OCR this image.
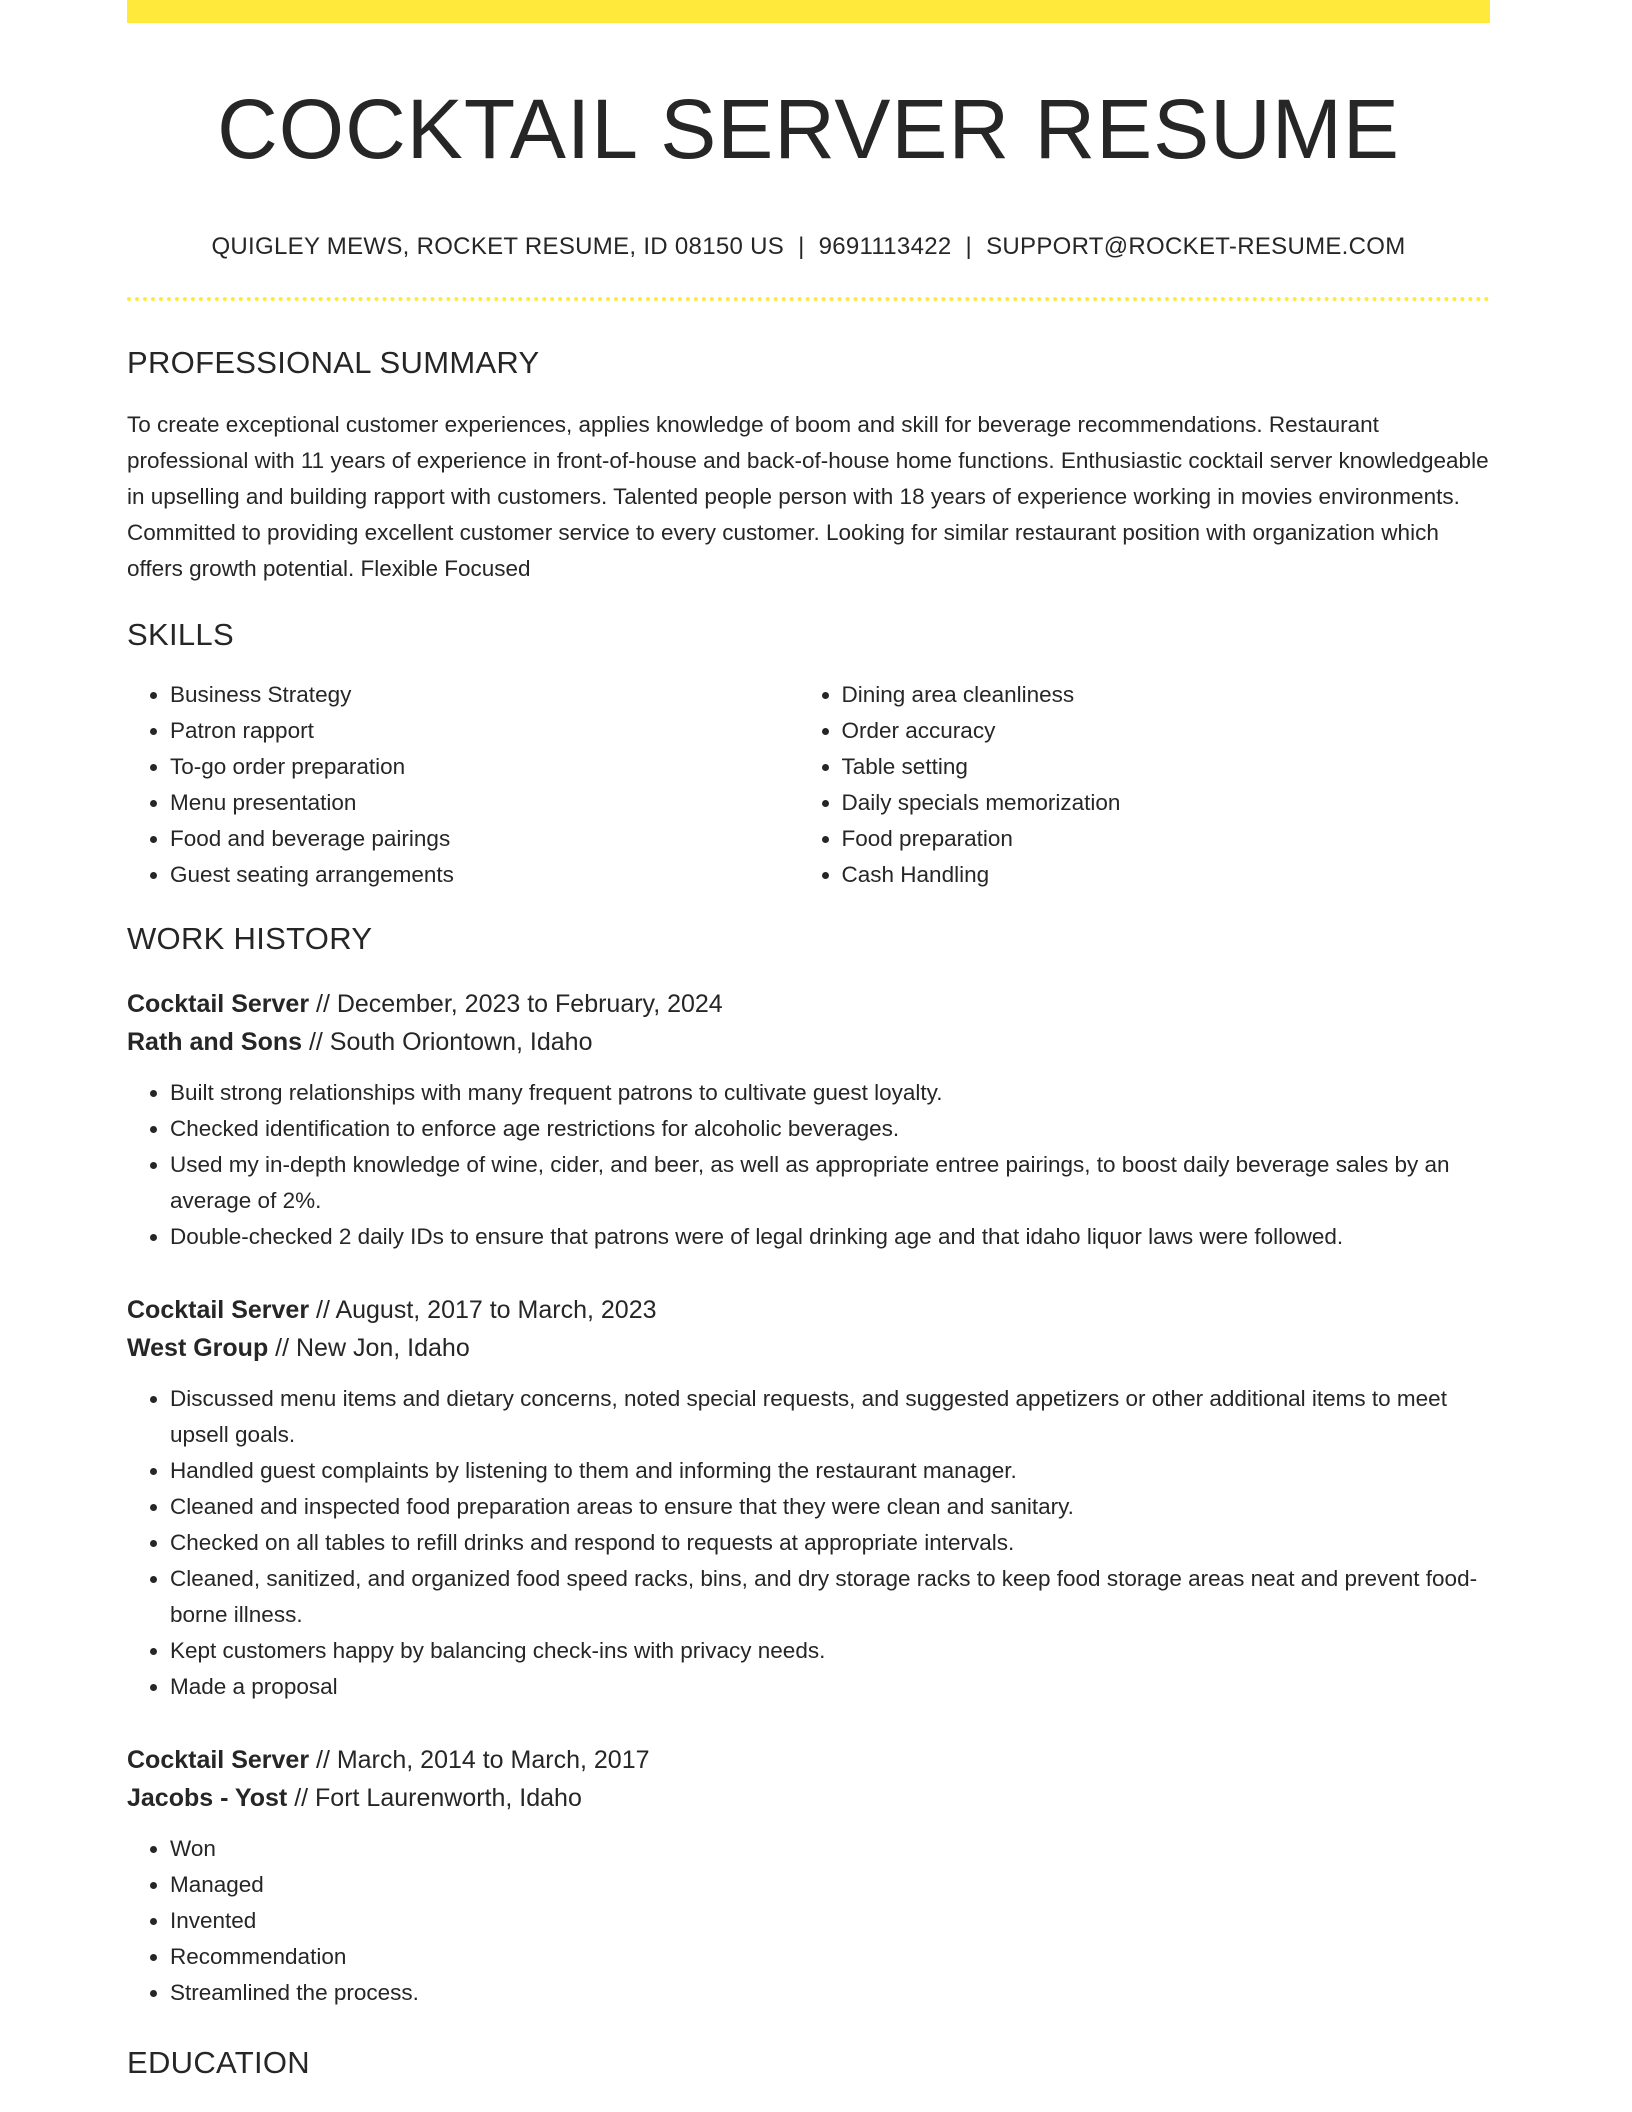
COCKTAIL SERVER RESUME
QUIGLEY MEWS, ROCKET RESUME, ID 08150 US | 9691113422 | SUPPORT@ROCKET-RESUME.COM
PROFESSIONAL SUMMARY

To create exceptional customer experiences, applies knowledge of boom and skill for beverage recommendations. Restaurant professional with 11 years of experience in front-of-house and back-of-house home functions. Enthusiastic cocktail server knowledgeable in upselling and building rapport with customers. Talented people person with 18 years of experience working in movies environments. Committed to providing excellent customer service to every customer. Looking for similar restaurant position with organization which offers growth potential. Flexible Focused

SKILLS
• Business Strategy
• Patron rapport
• To-go order preparation
• Menu presentation
• Food and beverage pairings
• Guest seating arrangements
• Dining area cleanliness
• Order accuracy
• Table setting
• Daily specials memorization
• Food preparation
• Cash Handling
WORK HISTORY
Cocktail Server // December, 2023 to February, 2024
Rath and Sons // South Oriontown, Idaho
• Built strong relationships with many frequent patrons to cultivate guest loyalty.
• Checked identification to enforce age restrictions for alcoholic beverages.
• Used my in-depth knowledge of wine, cider, and beer, as well as appropriate entree pairings, to boost daily beverage sales by an average of 2%.
• Double-checked 2 daily IDs to ensure that patrons were of legal drinking age and that idaho liquor laws were followed.
Cocktail Server // August, 2017 to March, 2023
West Group // New Jon, Idaho
• Discussed menu items and dietary concerns, noted special requests, and suggested appetizers or other additional items to meet upsell goals.
• Handled guest complaints by listening to them and informing the restaurant manager.
• Cleaned and inspected food preparation areas to ensure that they were clean and sanitary.
• Checked on all tables to refill drinks and respond to requests at appropriate intervals.
• Cleaned, sanitized, and organized food speed racks, bins, and dry storage racks to keep food storage areas neat and prevent food-borne illness.
• Kept customers happy by balancing check-ins with privacy needs.
• Made a proposal
Cocktail Server // March, 2014 to March, 2017
Jacobs - Yost // Fort Laurenworth, Idaho
• Won
• Managed
• Invented
• Recommendation
• Streamlined the process.
EDUCATION
